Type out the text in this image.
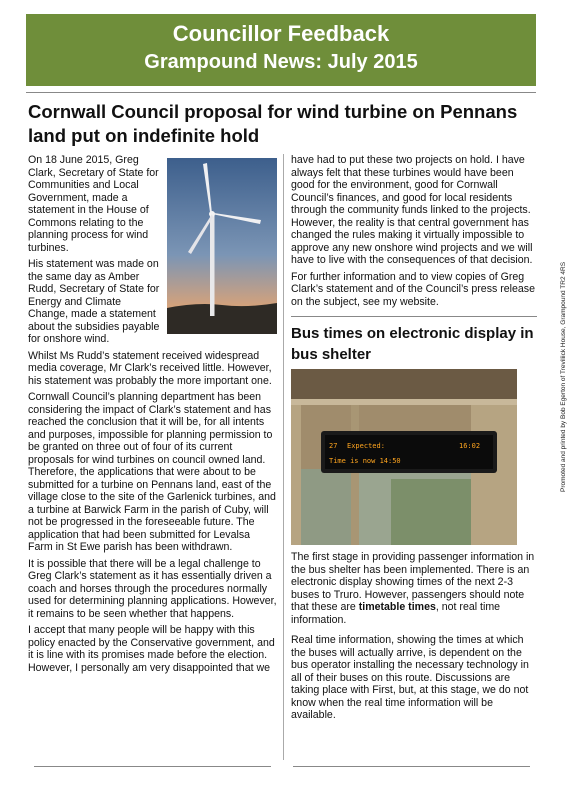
Councillor Feedback
Grampound News: July 2015
Cornwall Council proposal for wind turbine on Pennans land put on indefinite hold

On 18 June 2015, Greg Clark, Secretary of State for Communities and Local Government, made a statement in the House of Commons relating to the planning process for wind turbines.

His statement was made on the same day as Amber Rudd, Secretary of State for Energy and Climate Change, made a statement about the subsidies payable for onshore wind.

Whilst Ms Rudd’s statement received widespread media coverage, Mr Clark’s received little. However, his statement was probably the more important one.

Cornwall Council’s planning department has been considering the impact of Clark’s statement and has reached the conclusion that it will be, for all intents and purposes, impossible for planning permission to be granted on three out of four of its current proposals for wind turbines on council owned land. Therefore, the applications that were about to be submitted for a turbine on Pennans land, east of the village close to the site of the Garlenick turbines, and a turbine at Barwick Farm in the parish of Cuby, will not be progressed in the foreseeable future. The application that had been submitted for Levalsa Farm in St Ewe parish has been withdrawn.

It is possible that there will be a legal challenge to Greg Clark’s statement as it has essentially driven a coach and horses through the procedures normally used for determining planning applications. However, it remains to be seen whether that happens.

I accept that many people will be happy with this policy enacted by the Conservative government, and it is line with its promises made before the election. However, I personally am very disappointed that we

have had to put these two projects on hold. I have always felt that these turbines would have been good for the environment, good for Cornwall Council’s finances, and good for local residents through the community funds linked to the projects. However, the reality is that central government has changed the rules making it virtually impossible to approve any new onshore wind projects and we will have to live with the consequences of that decision.

For further information and to view copies of Greg Clark’s statement and of the Council’s press release on the subject, see my website.

Bus times on electronic display in bus shelter
27 Expected:	16:02
Time is now 14:50

The first stage in providing passenger information in the bus shelter has been implemented. There is an electronic display showing times of the next 2-3 buses to Truro. However, passengers should note that these are timetable times, not real time information.

Real time information, showing the times at which the buses will actually arrive, is dependent on the bus operator installing the necessary technology in all of their buses on this route. Discussions are taking place with First, but, at this stage, we do not know when the real time information will be available.

Promoted and printed by Bob Egerton of Treviliick House, Grampound TR2 4RS
